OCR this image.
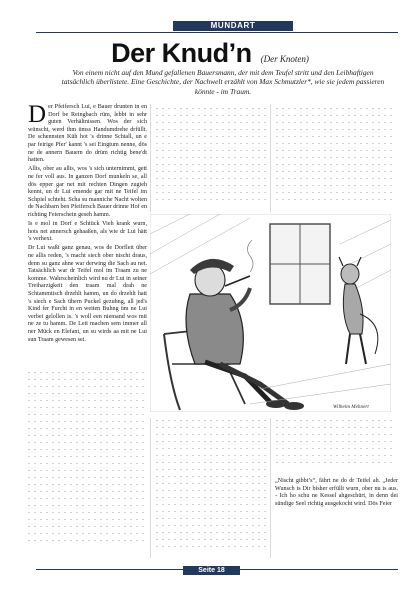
MUNDART
Der Knud’n (Der Knoten)
Von einem nicht auf den Mund gefallenen Bauersmann, der mit dem Teufel stritt und den Leibhaftigen tatsächlich überlistete. Eine Geschichte, der Nachwelt erzählt von Max Schmutzler*, wie sie jedem passieren könnte - im Traum.

Der Pfeifersch Lui, e Bauer drunten in en Dorf be Reingbach rüm, lebbt in sehr guten Verhältnissen. Wos der sich wünscht, werd ihm ümss Handumdrehe drfüllt. De schennsten Küh hot 's drinne Schtall, un e par feirige Pfer' kannt 's sei Eingtum nenne, dös ne de annern Bauern do drüm richtig bene'dt hatten.

Allis, ober au allis, wos 's sich unternimmt, gett ne fer voll aus. In ganzen Dorf munkeln se, all dös epper gar net mit rechten Dingen zugieh kennt, un dr Lui emende gar mit ne Teifel im Schpiel schteht. Scha su manniche Nacht wolten de Nachbarn ben Pfeifersch Bauer drinne Hof en richting Feierschein geseh hamm.

Is e mol in Dorf e Schtück Vieh krank wurn, hots net annersch gehaaßen, als wie dr Lui hätt 's verhext.

Dr Lui waßt ganz genau, wos de Dorfleit über ne allis reden, 's macht siech ober nischt draus, denn su ganz ahne war derwing die Sach au net. Tatsächlich war dr Teifel mol im Traam zu ne komme. Wahrscheinlich wird nu dr Lui in seiner Treiharzigkeit den traam mal drah ne Schtammtisch drzehlt hamm, un do drzehlt hatt 's siech e Sach übern Puckel gezuhng, all jed's Kind fer Furcht in en weiten Buhng üm ne Lui verbei gelollen is. 's woll een niemand wos mit ne ze tu hamm. De Leit machen sem immer all ner Mück en Elefant, un su wirds aa mit ne Lui sun Traam gewesen sei.

Wilhelm Mehnert
„Nischt gibbt’s“, fährt ne do dr Teifel ah. „Jeder Wunsch is Dir bisher erfüllt wurn, ober nu is aus. - Ich ho schu ne Kessel ahgeschürt, in denn dei sündige Seel richtig ausgekocht wird. Dös Feier
Seite 18
